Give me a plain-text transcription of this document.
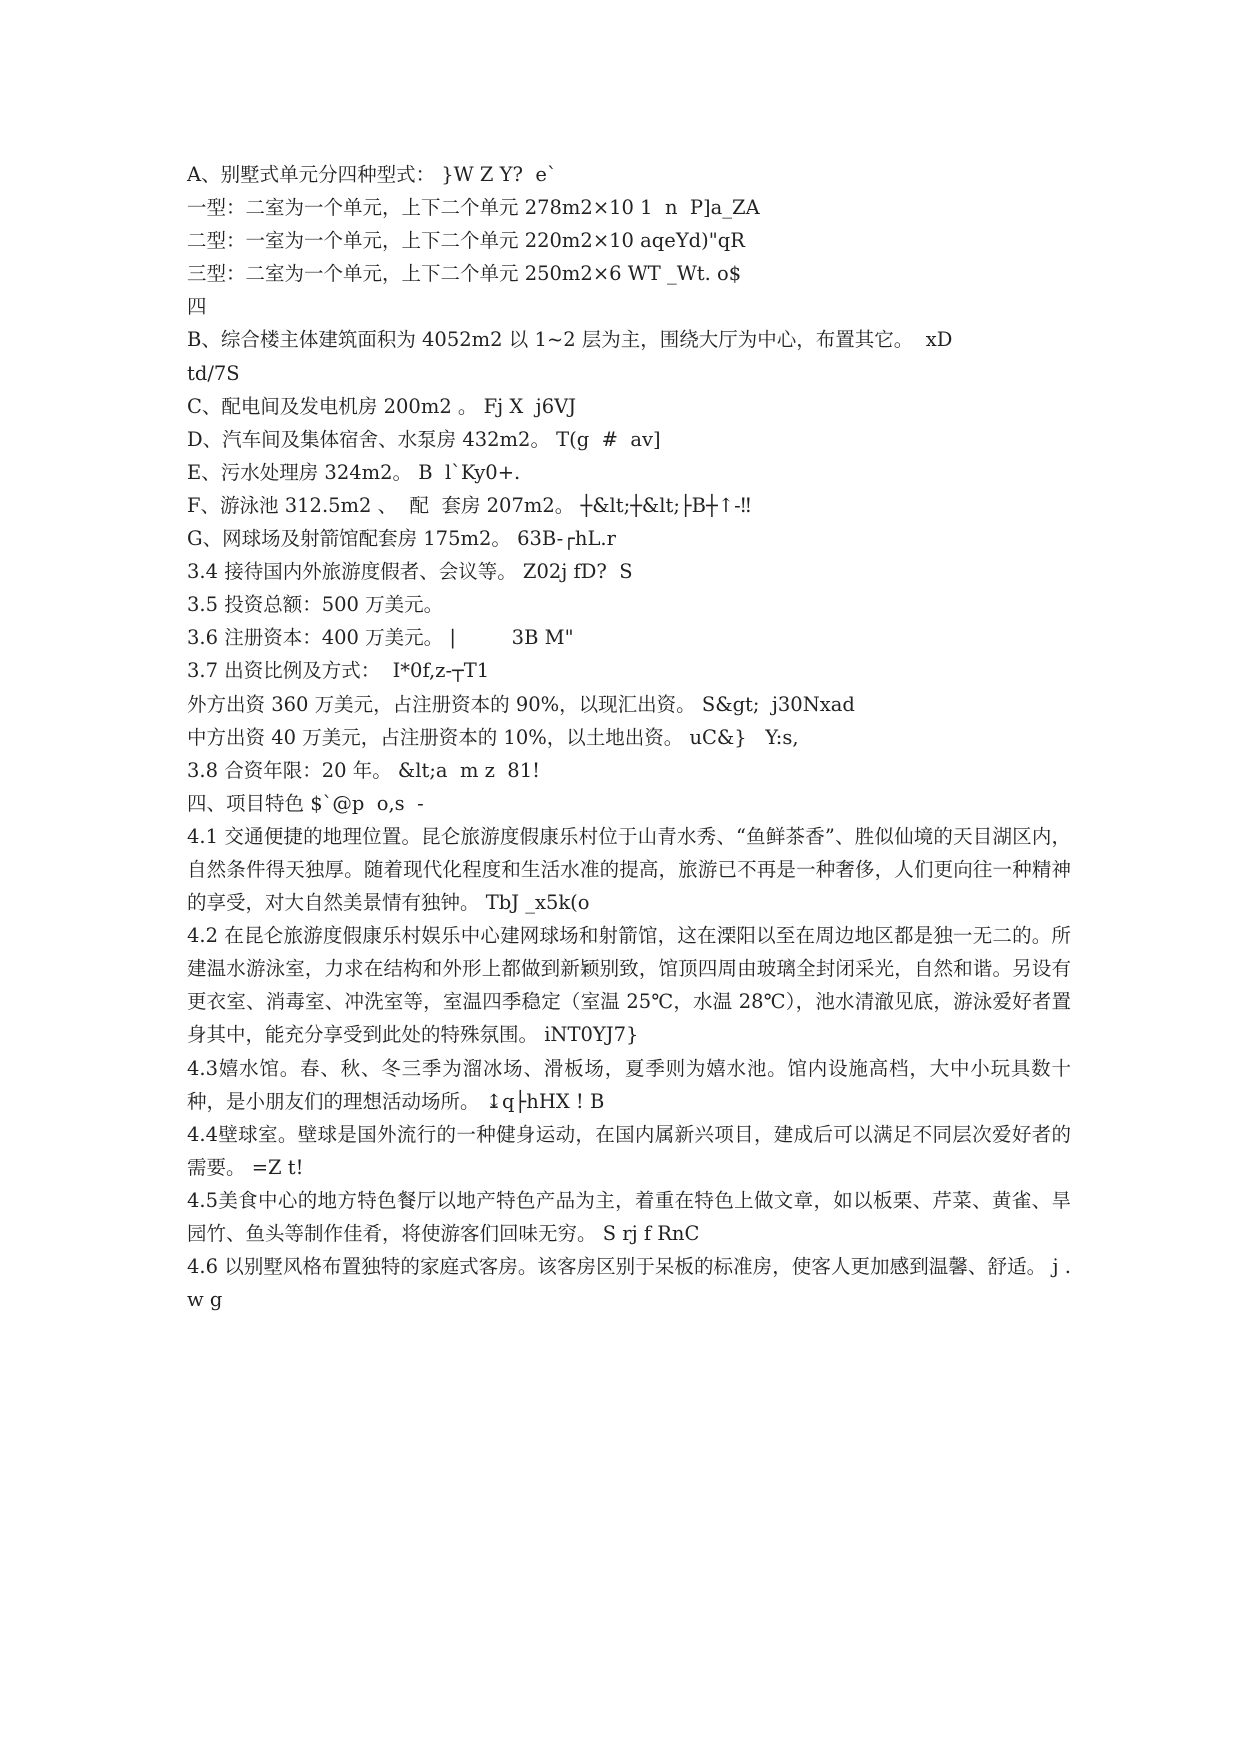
A、别墅式单元分四种型式： }W Z Y?  e`

一型：二室为一个单元，上下二个单元 278m2×10 1  n  P]a_ZA

二型：一室为一个单元，上下二个单元 220m2×10 aqeYd)"qR

三型：二室为一个单元，上下二个单元 250m2×6 WT _Wt. o$

四

B、综合楼主体建筑面积为 4052m2 以 1~2 层为主，围绕大厅为中心，布置其它。  xD

td/7S

C、配电间及发电机房 200m2 。 Fj X  j6VJ

D、汽车间及集体宿舍、水泵房 432m2。 T(g  #  av]

E、污水处理房 324m2。 B  l`Ky0+.

F、游泳池 312.5m2 、  配  套房 207m2。 ┼&lt;┼&lt;├B┼↑-‼

G、网球场及射箭馆配套房 175m2。 63B-┌hL.r

3.4 接待国内外旅游度假者、会议等。 Z02j fD?  S

3.5 投资总额：500 万美元。

3.6 注册资本：400 万美元。 |         3B M"

3.7 出资比例及方式：  I*0f,z-┬T1

外方出资 360 万美元，占注册资本的 90%，以现汇出资。 S&gt;  j30Nxad

中方出资 40 万美元，占注册资本的 10%，以土地出资。 uC&}   Y:s,

3.8 合资年限：20 年。 &lt;a  m z  81!

四、项目特色 $`@p  o,s  -

4.1 交通便捷的地理位置。昆仑旅游度假康乐村位于山青水秀、“鱼鲜茶香”、胜似仙境的天目湖区内，自然条件得天独厚。随着现代化程度和生活水准的提高，旅游已不再是一种奢侈，人们更向往一种精神的享受，对大自然美景情有独钟。 TbJ _x5k(o

4.2 在昆仑旅游度假康乐村娱乐中心建网球场和射箭馆，这在溧阳以至在周边地区都是独一无二的。所建温水游泳室，力求在结构和外形上都做到新颖别致，馆顶四周由玻璃全封闭采光，自然和谐。另设有更衣室、消毒室、冲洗室等，室温四季稳定（室温 25℃，水温 28℃），池水清澈见底，游泳爱好者置身其中，能充分享受到此处的特殊氛围。 iNT0YJ7}

4.3嬉水馆。春、秋、冬三季为溜冰场、滑板场，夏季则为嬉水池。馆内设施高档，大中小玩具数十种，是小朋友们的理想活动场所。 ↨q├hHX ! B

4.4壁球室。壁球是国外流行的一种健身运动，在国内属新兴项目，建成后可以满足不同层次爱好者的需要。 =Z t!

4.5美食中心的地方特色餐厅以地产特色产品为主，着重在特色上做文章，如以板栗、芹菜、黄雀、旱园竹、鱼头等制作佳肴，将使游客们回味无穷。 S rj f RnC

4.6 以别墅风格布置独特的家庭式客房。该客房区别于呆板的标准房，使客人更加感到温馨、舒适。 j . w g
